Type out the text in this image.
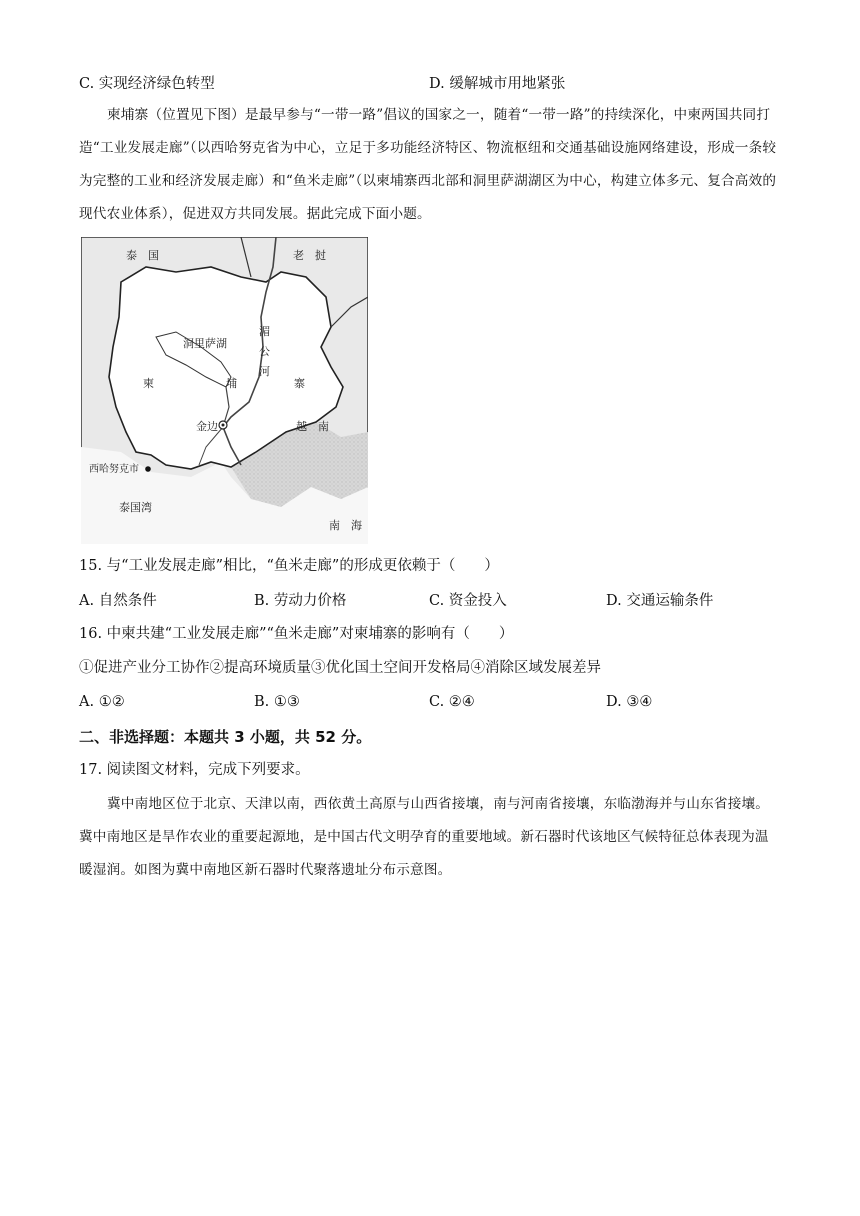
C. 实现经济绿色转型	D. 缓解城市用地紧张
柬埔寨（位置见下图）是最早参与“一带一路”倡议的国家之一，随着“一带一路”的持续深化，中柬两国共同打造“工业发展走廊”（以西哈努克省为中心，立足于多功能经济特区、物流枢纽和交通基础设施网络建设，形成一条较为完整的工业和经济发展走廊）和“鱼米走廊”（以柬埔寨西北部和洞里萨湖湖区为中心，构建立体多元、复合高效的现代农业体系），促进双方共同发展。据此完成下面小题。
泰　国	老　挝
洞里萨湖
湄
公
河
柬	埔	寨
越　南
金边
西哈努克市
泰国湾
南　海
15. 与“工业发展走廊”相比，“鱼米走廊”的形成更依赖于（　　）
A. 自然条件	B. 劳动力价格	C. 资金投入	D. 交通运输条件
16. 中柬共建“工业发展走廊”“鱼米走廊”对柬埔寨的影响有（　　）
①促进产业分工协作②提高环境质量③优化国土空间开发格局④消除区域发展差异
A. ①②	B. ①③	C. ②④	D. ③④
二、非选择题：本题共 3 小题，共 52 分。
17. 阅读图文材料，完成下列要求。
冀中南地区位于北京、天津以南，西依黄土高原与山西省接壤，南与河南省接壤，东临渤海并与山东省接壤。冀中南地区是旱作农业的重要起源地，是中国古代文明孕育的重要地域。新石器时代该地区气候特征总体表现为温暖湿润。如图为冀中南地区新石器时代聚落遗址分布示意图。
